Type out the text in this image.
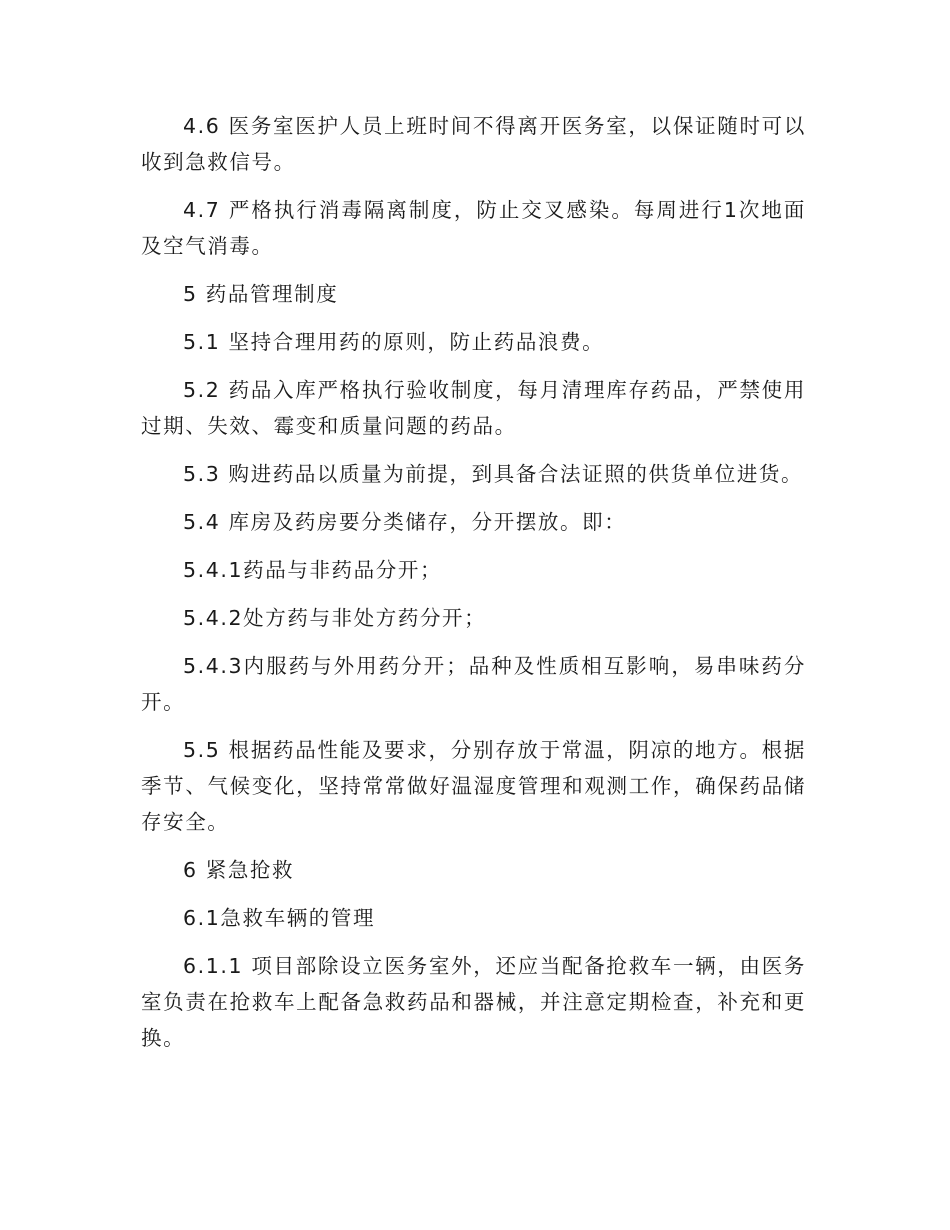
4.6 医务室医护人员上班时间不得离开医务室，以保证随时可以收到急救信号。

4.7 严格执行消毒隔离制度，防止交叉感染。每周进行1次地面及空气消毒。

5 药品管理制度

5.1 坚持合理用药的原则，防止药品浪费。

5.2 药品入库严格执行验收制度，每月清理库存药品，严禁使用过期、失效、霉变和质量问题的药品。

5.3 购进药品以质量为前提，到具备合法证照的供货单位进货。

5.4 库房及药房要分类储存，分开摆放。即：

5.4.1药品与非药品分开；

5.4.2处方药与非处方药分开；

5.4.3内服药与外用药分开；品种及性质相互影响，易串味药分开。

5.5 根据药品性能及要求，分别存放于常温，阴凉的地方。根据季节、气候变化，坚持常常做好温湿度管理和观测工作，确保药品储存安全。

6 紧急抢救

6.1急救车辆的管理

6.1.1 项目部除设立医务室外，还应当配备抢救车一辆，由医务室负责在抢救车上配备急救药品和器械，并注意定期检查，补充和更换。
